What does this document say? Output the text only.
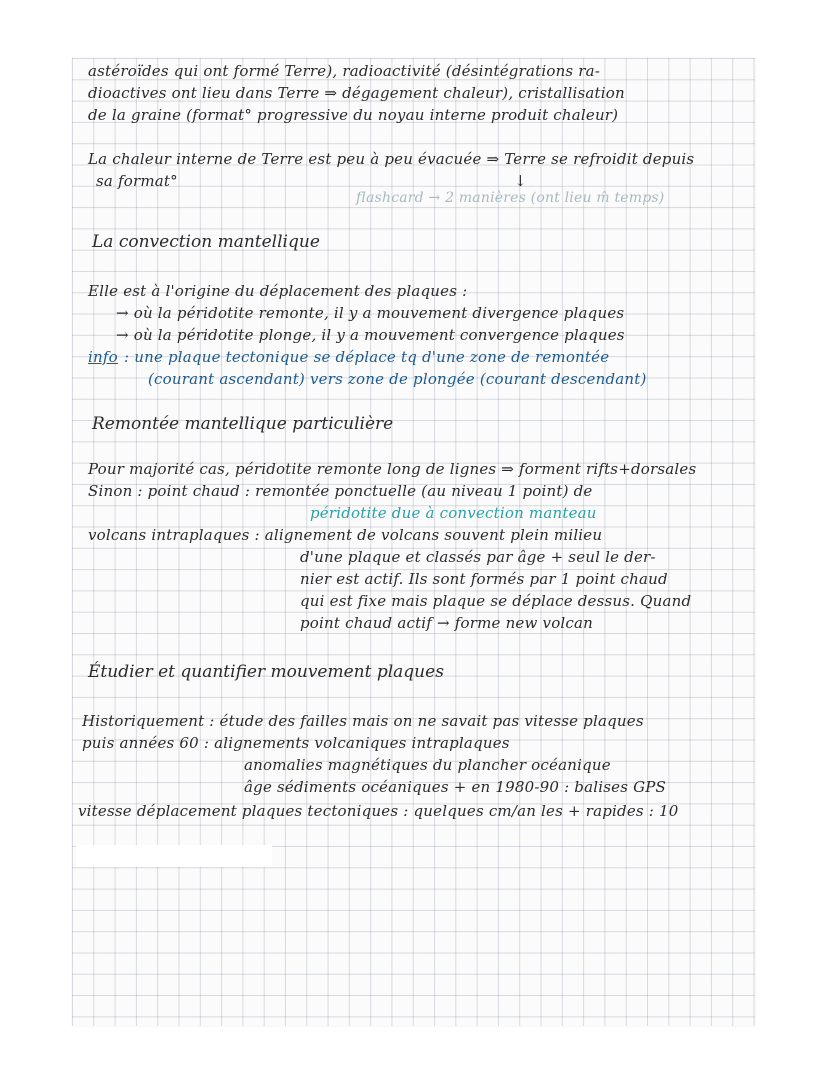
astéroïdes qui ont formé Terre), radioactivité (désintégrations ra-
dioactives ont lieu dans Terre ⇒ dégagement chaleur), cristallisation
de la graine (format° progressive du noyau interne produit chaleur)
La chaleur interne de Terre est peu à peu évacuée ⇒ Terre se refroidit depuis
sa format°	↓
flashcard → 2 manières (ont lieu m̂ temps)
La convection mantellique
Elle est à l'origine du déplacement des plaques :
→ où la péridotite remonte, il y a mouvement divergence plaques
→ où la péridotite plonge, il y a mouvement convergence plaques
info : une plaque tectonique se déplace tq d'une zone de remontée
(courant ascendant) vers zone de plongée (courant descendant)
Remontée mantellique particulière
Pour majorité cas, péridotite remonte long de lignes ⇒ forment rifts+dorsales
Sinon : point chaud : remontée ponctuelle (au niveau 1 point) de
péridotite due à convection manteau
volcans intraplaques : alignement de volcans souvent plein milieu
d'une plaque et classés par âge + seul le der-
nier est actif. Ils sont formés par 1 point chaud
qui est fixe mais plaque se déplace dessus. Quand
point chaud actif → forme new volcan
Étudier et quantifier mouvement plaques
Historiquement : étude des failles mais on ne savait pas vitesse plaques
puis années 60 : alignements volcaniques intraplaques
anomalies magnétiques du plancher océanique
âge sédiments océaniques + en 1980-90 : balises GPS
vitesse déplacement plaques tectoniques : quelques cm/an les + rapides : 10
